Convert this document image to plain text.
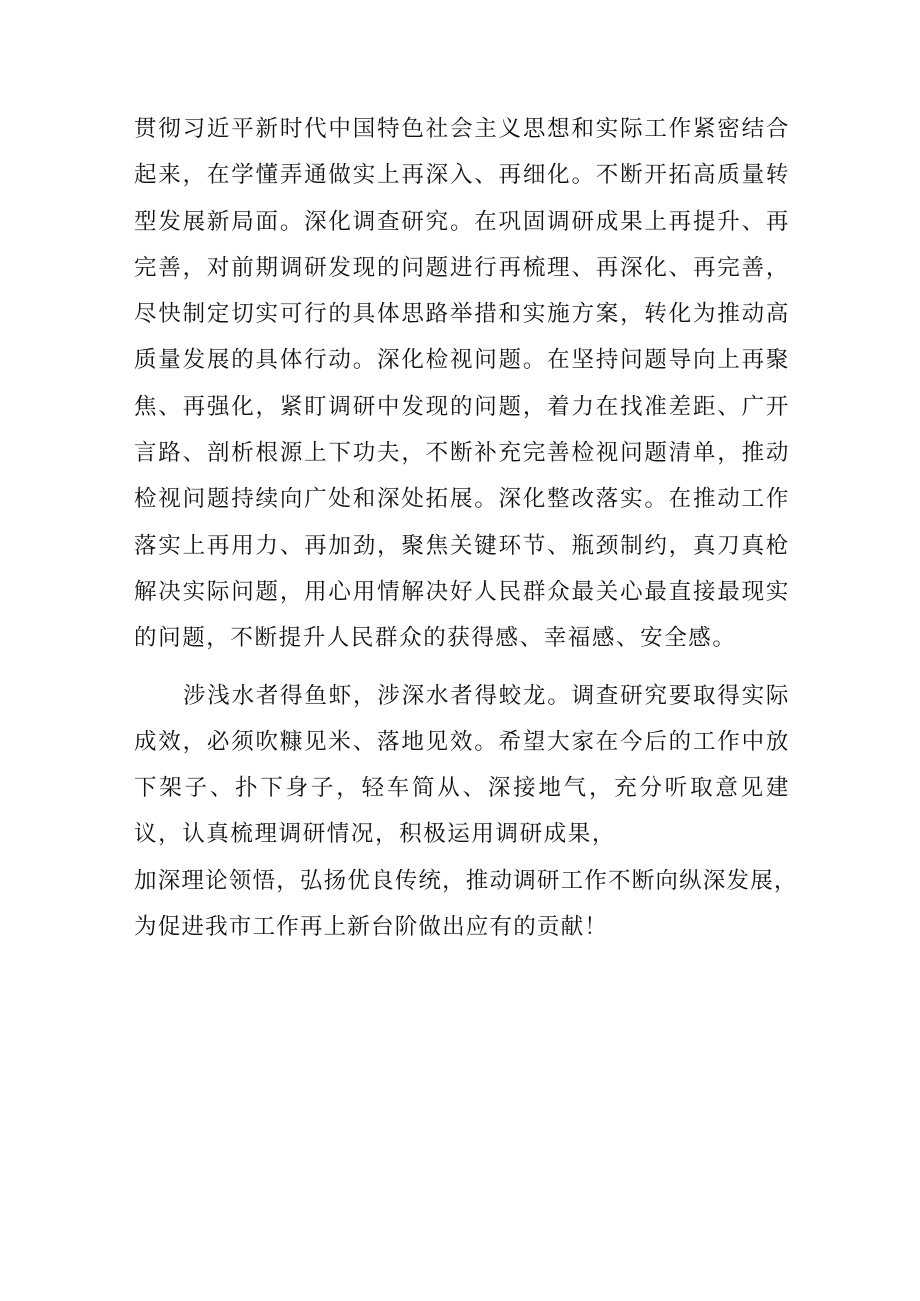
贯彻习近平新时代中国特色社会主义思想和实际工作紧密结合起来，在学懂弄通做实上再深入、再细化。不断开拓高质量转型发展新局面。深化调查研究。在巩固调研成果上再提升、再完善，对前期调研发现的问题进行再梳理、再深化、再完善，尽快制定切实可行的具体思路举措和实施方案，转化为推动高质量发展的具体行动。深化检视问题。在坚持问题导向上再聚焦、再强化，紧盯调研中发现的问题，着力在找准差距、广开言路、剖析根源上下功夫，不断补充完善检视问题清单，推动检视问题持续向广处和深处拓展。深化整改落实。在推动工作落实上再用力、再加劲，聚焦关键环节、瓶颈制约，真刀真枪解决实际问题，用心用情解决好人民群众最关心最直接最现实的问题，不断提升人民群众的获得感、幸福感、安全感。

涉浅水者得鱼虾，涉深水者得蛟龙。调查研究要取得实际成效，必须吹糠见米、落地见效。希望大家在今后的工作中放下架子、扑下身子，轻车简从、深接地气，充分听取意见建议，认真梳理调研情况，积极运用调研成果，

加深理论领悟，弘扬优良传统，推动调研工作不断向纵深发展，

为促进我市工作再上新台阶做出应有的贡献！
